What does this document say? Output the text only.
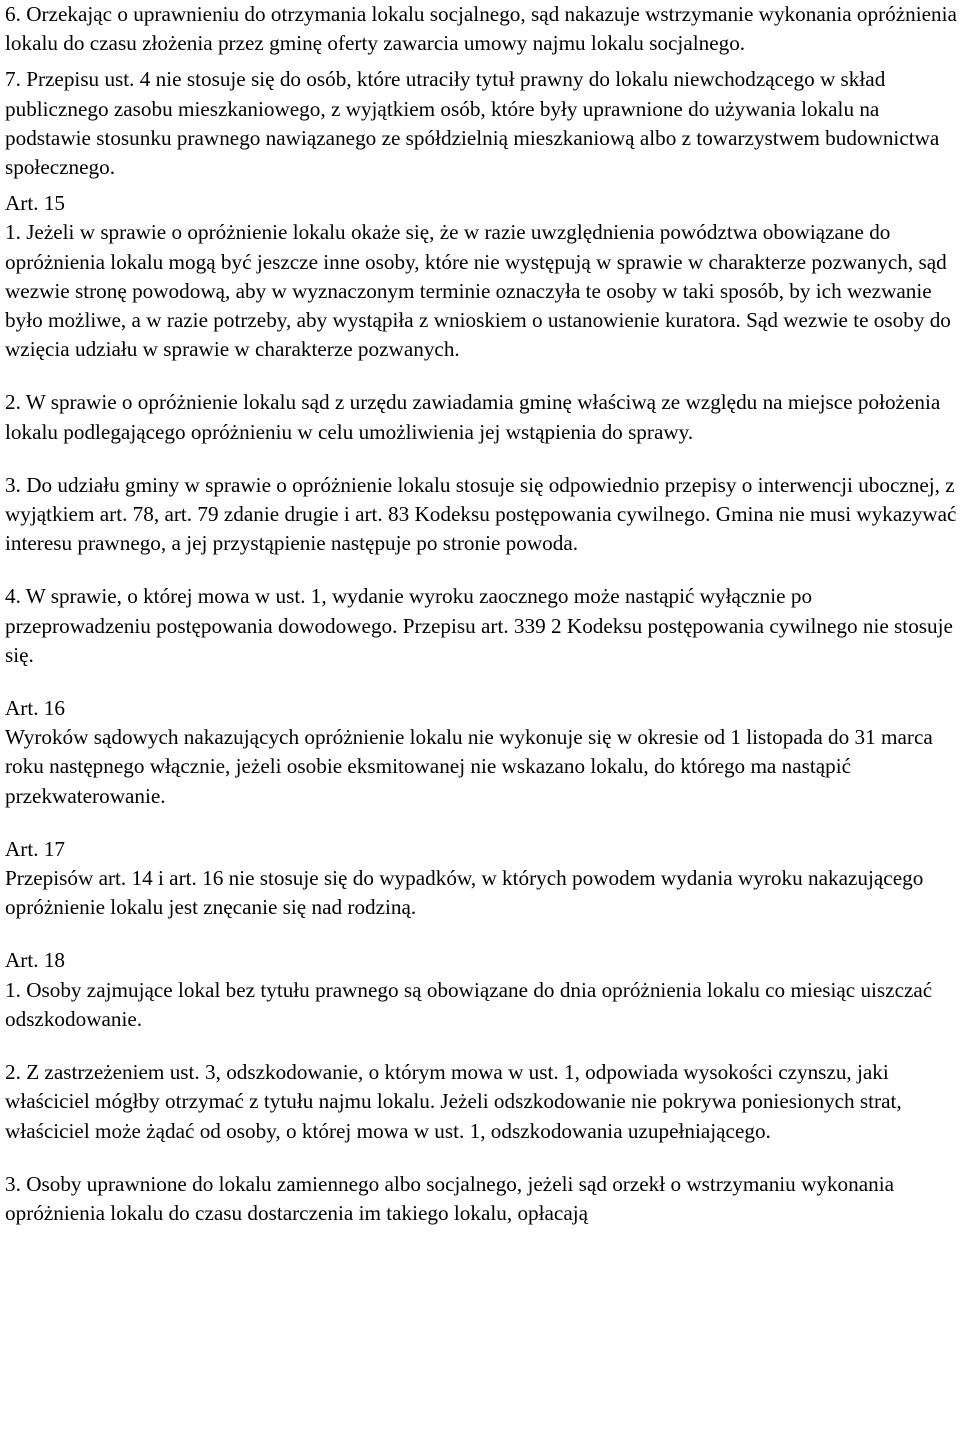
6. Orzekając o uprawnieniu do otrzymania lokalu socjalnego, sąd nakazuje wstrzymanie wykonania opróżnienia lokalu do czasu złożenia przez gminę oferty zawarcia umowy najmu lokalu socjalnego.

7. Przepisu ust. 4 nie stosuje się do osób, które utraciły tytuł prawny do lokalu niewchodzącego w skład publicznego zasobu mieszkaniowego, z wyjątkiem osób, które były uprawnione do używania lokalu na podstawie stosunku prawnego nawiązanego ze spółdzielnią mieszkaniową albo z towarzystwem budownictwa społecznego.

Art. 15

1. Jeżeli w sprawie o opróżnienie lokalu okaże się, że w razie uwzględnienia powództwa obowiązane do opróżnienia lokalu mogą być jeszcze inne osoby, które nie występują w sprawie w charakterze pozwanych, sąd wezwie stronę powodową, aby w wyznaczonym terminie oznaczyła te osoby w taki sposób, by ich wezwanie było możliwe, a w razie potrzeby, aby wystąpiła z wnioskiem o ustanowienie kuratora. Sąd wezwie te osoby do wzięcia udziału w sprawie w charakterze pozwanych.

2. W sprawie o opróżnienie lokalu sąd z urzędu zawiadamia gminę właściwą ze względu na miejsce położenia lokalu podlegającego opróżnieniu w celu umożliwienia jej wstąpienia do sprawy.

3. Do udziału gminy w sprawie o opróżnienie lokalu stosuje się odpowiednio przepisy o interwencji ubocznej, z wyjątkiem art. 78, art. 79 zdanie drugie i art. 83 Kodeksu postępowania cywilnego. Gmina nie musi wykazywać interesu prawnego, a jej przystąpienie następuje po stronie powoda.

4. W sprawie, o której mowa w ust. 1, wydanie wyroku zaocznego może nastąpić wyłącznie po przeprowadzeniu postępowania dowodowego. Przepisu art. 339 2 Kodeksu postępowania cywilnego nie stosuje się.

Art. 16

Wyroków sądowych nakazujących opróżnienie lokalu nie wykonuje się w okresie od 1 listopada do 31 marca roku następnego włącznie, jeżeli osobie eksmitowanej nie wskazano lokalu, do którego ma nastąpić przekwaterowanie.

Art. 17

Przepisów art. 14 i art. 16 nie stosuje się do wypadków, w których powodem wydania wyroku nakazującego opróżnienie lokalu jest znęcanie się nad rodziną.

Art. 18

1. Osoby zajmujące lokal bez tytułu prawnego są obowiązane do dnia opróżnienia lokalu co miesiąc uiszczać odszkodowanie.

2. Z zastrzeżeniem ust. 3, odszkodowanie, o którym mowa w ust. 1, odpowiada wysokości czynszu, jaki właściciel mógłby otrzymać z tytułu najmu lokalu. Jeżeli odszkodowanie nie pokrywa poniesionych strat, właściciel może żądać od osoby, o której mowa w ust. 1, odszkodowania uzupełniającego.

3. Osoby uprawnione do lokalu zamiennego albo socjalnego, jeżeli sąd orzekł o wstrzymaniu wykonania opróżnienia lokalu do czasu dostarczenia im takiego lokalu, opłacają
